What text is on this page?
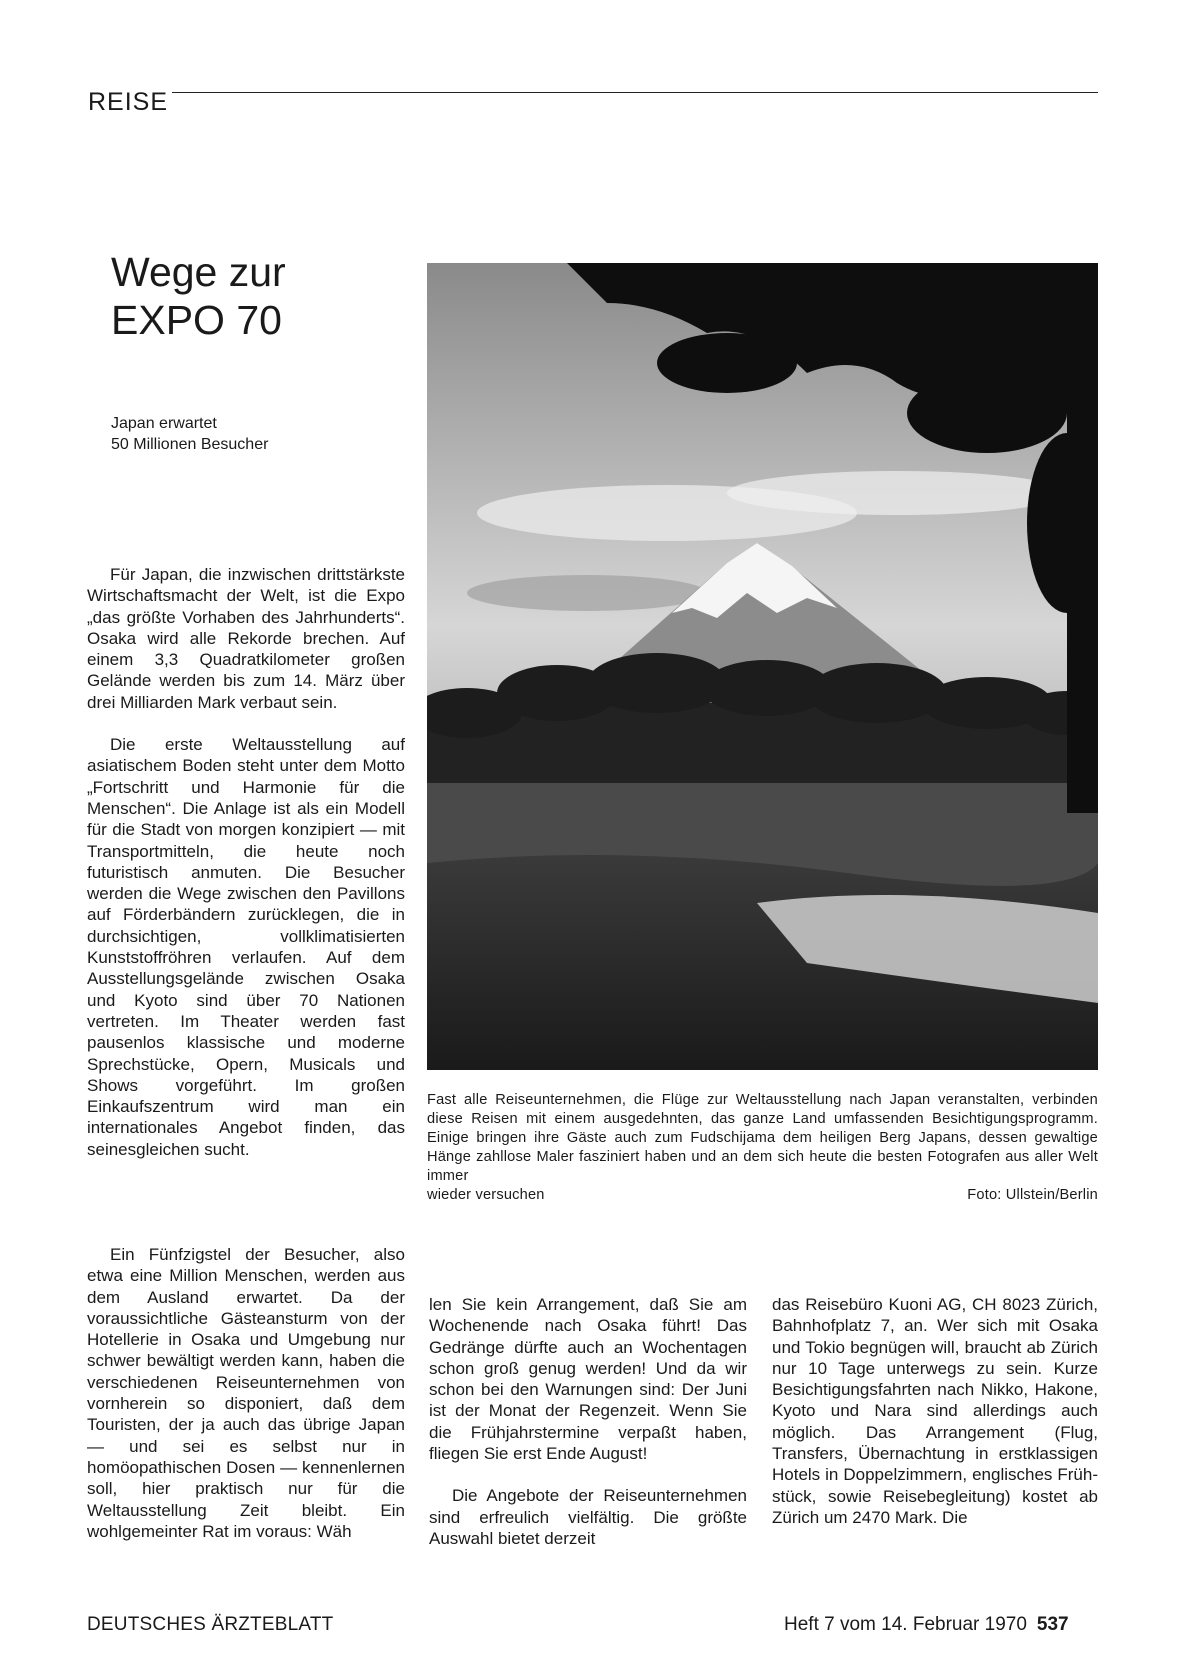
REISE
Wege zur
EXPO 70
Japan erwartet
50 Millionen Besucher

Für Japan, die inzwischen drittstärkste Wirtschaftsmacht der Welt, ist die Expo „das größte Vorhaben des Jahrhunderts“. Osaka wird alle Rekorde brechen. Auf einem 3,3 Quadratkilometer großen Gelände werden bis zum 14. März über drei Milliarden Mark verbaut sein.

Die erste Weltausstellung auf asiatischem Boden steht unter dem Motto „Fortschritt und Harmonie für die Menschen“. Die Anlage ist als ein Modell für die Stadt von morgen konzipiert — mit Transportmitteln, die heute noch futuristisch anmuten. Die Besucher werden die Wege zwischen den Pavillons auf Förderbändern zurücklegen, die in durchsichtigen, vollklimatisierten Kunststoffröhren verlaufen. Auf dem Ausstellungsgelände zwischen Osaka und Kyoto sind über 70 Nationen vertreten. Im Theater werden fast pausenlos klassische und moderne Sprechstücke, Opern, Musicals und Shows vorgeführt. Im großen Einkaufszentrum wird man ein internationales Angebot finden, das seinesgleichen sucht.

Ein Fünfzigstel der Besucher, also etwa eine Million Menschen, werden aus dem Ausland erwartet. Da der voraussichtliche Gästeansturm von der Hotellerie in Osaka und Umgebung nur schwer bewältigt werden kann, haben die verschiedenen Reiseunternehmen von vornherein so disponiert, daß dem Touristen, der ja auch das übrige Japan — und sei es selbst nur in homöopathischen Dosen — kennenlernen soll, hier praktisch nur für die Weltausstellung Zeit bleibt. Ein wohlgemeinter Rat im voraus: Wäh

len Sie kein Arrangement, daß Sie am Wochenende nach Osaka führt! Das Gedränge dürfte auch an Wochentagen schon groß genug werden! Und da wir schon bei den Warnungen sind: Der Juni ist der Monat der Regenzeit. Wenn Sie die Frühjahrstermine verpaßt haben, fliegen Sie erst Ende August!

Die Angebote der Reiseunternehmen sind erfreulich vielfältig. Die größte Auswahl bietet derzeit

das Reisebüro Kuoni AG, CH 8023 Zürich, Bahnhofplatz 7, an. Wer sich mit Osaka und Tokio begnügen will, braucht ab Zürich nur 10 Tage unterwegs zu sein. Kurze Besichtigungsfahrten nach Nikko, Hakone, Kyoto und Nara sind allerdings auch möglich. Das Arrangement (Flug, Transfers, Übernachtung in erstklassigen Hotels in Doppelzimmern, englisches Frühstück, sowie Reisebegleitung) kostet ab Zürich um 2470 Mark. Die

Fast alle Reiseunternehmen, die Flüge zur Weltausstellung nach Japan veranstalten, verbinden diese Reisen mit einem ausgedehnten, das ganze Land umfassenden Besichtigungsprogramm. Einige bringen ihre Gäste auch zum Fudschijama dem heiligen Berg Japans, dessen gewaltige Hänge zahllose Maler fasziniert haben und an dem sich heute die besten Fotografen aus aller Welt immer
wieder versuchen	Foto: Ullstein/Berlin
DEUTSCHES ÄRZTEBLATT	Heft 7 vom 14. Februar 1970 537
